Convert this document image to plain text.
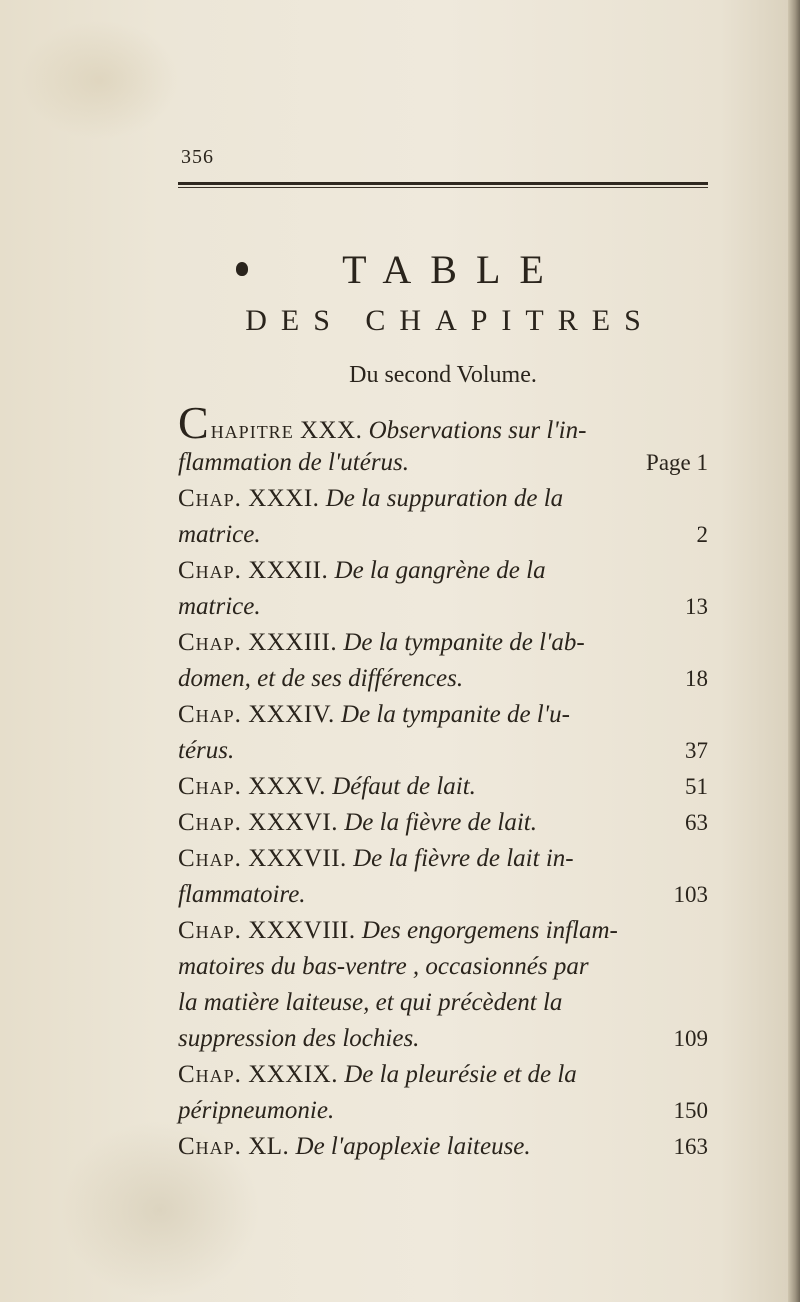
356
TABLE
DES CHAPITRES
Du second Volume.
Chapitre XXX. Observations sur l'in-
flammation de l'utérus.	Page 1
Chap. XXXI. De la suppuration de la
matrice.	2
Chap. XXXII. De la gangrène de la
matrice.	13
Chap. XXXIII. De la tympanite de l'ab-
domen, et de ses différences.	18
Chap. XXXIV. De la tympanite de l'u-
térus.	37
Chap. XXXV. Défaut de lait.	51
Chap. XXXVI. De la fièvre de lait.	63
Chap. XXXVII. De la fièvre de lait in-
flammatoire.	103
Chap. XXXVIII. Des engorgemens inflam-
matoires du bas-ventre , occasionnés par
la matière laiteuse, et qui précèdent la
suppression des lochies.	109
Chap. XXXIX. De la pleurésie et de la
péripneumonie.	150
Chap. XL. De l'apoplexie laiteuse.	163
